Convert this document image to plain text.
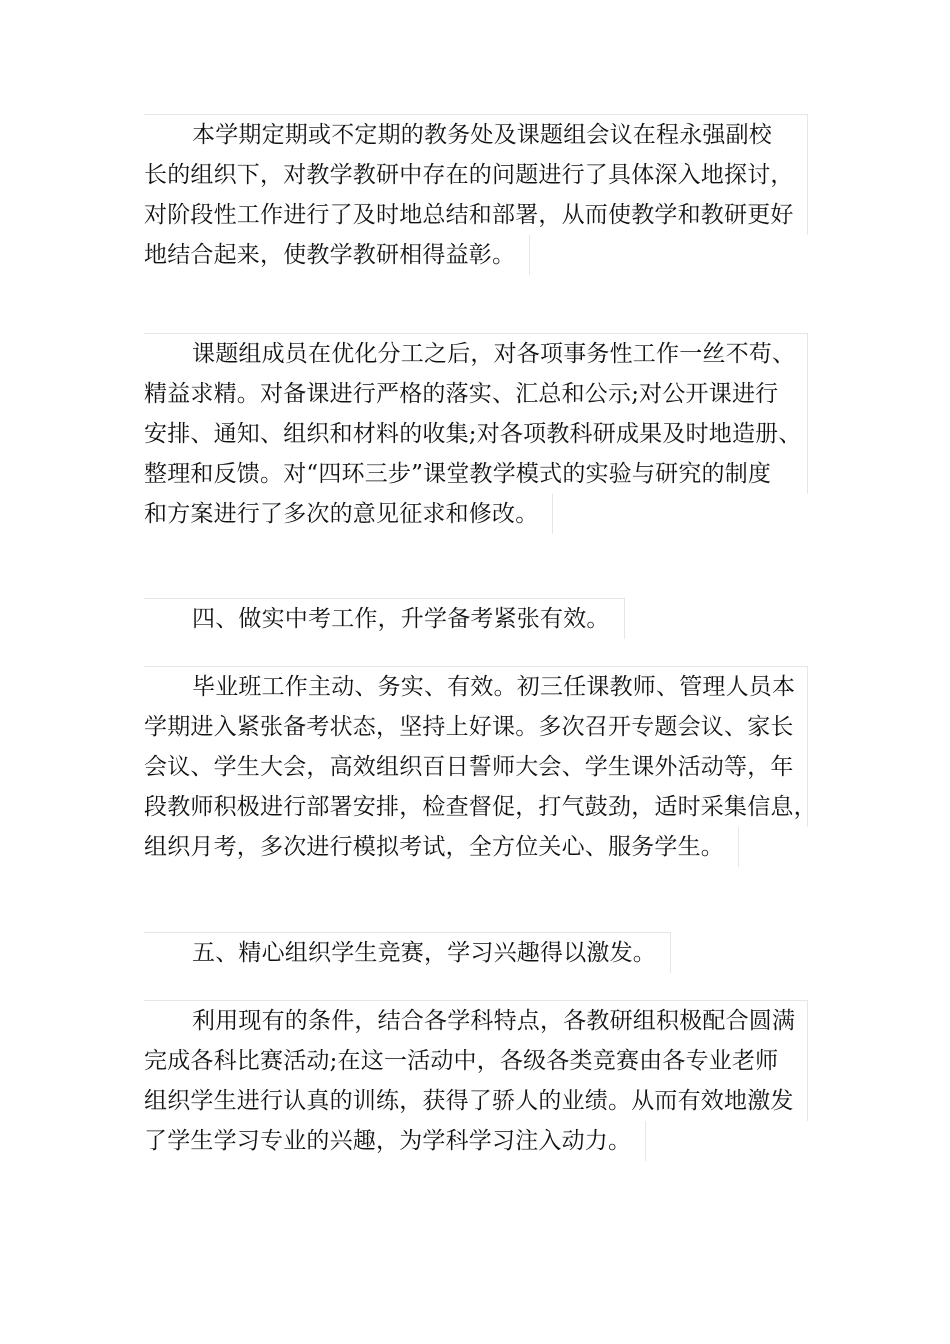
本学期定期或不定期的教务处及课题组会议在程永强副校
长的组织下，对教学教研中存在的问题进行了具体深入地探讨，
对阶段性工作进行了及时地总结和部署，从而使教学和教研更好
地结合起来，使教学教研相得益彰。
课题组成员在优化分工之后，对各项事务性工作一丝不苟、
精益求精。对备课进行严格的落实、汇总和公示;对公开课进行
安排、通知、组织和材料的收集;对各项教科研成果及时地造册、
整理和反馈。对“四环三步”课堂教学模式的实验与研究的制度
和方案进行了多次的意见征求和修改。
四、做实中考工作，升学备考紧张有效。
毕业班工作主动、务实、有效。初三任课教师、管理人员本
学期进入紧张备考状态，坚持上好课。多次召开专题会议、家长
会议、学生大会，高效组织百日誓师大会、学生课外活动等，年
段教师积极进行部署安排，检查督促，打气鼓劲，适时采集信息，
组织月考，多次进行模拟考试，全方位关心、服务学生。
五、精心组织学生竞赛，学习兴趣得以激发。
利用现有的条件，结合各学科特点，各教研组积极配合圆满
完成各科比赛活动;在这一活动中，各级各类竞赛由各专业老师
组织学生进行认真的训练，获得了骄人的业绩。从而有效地激发
了学生学习专业的兴趣，为学科学习注入动力。
